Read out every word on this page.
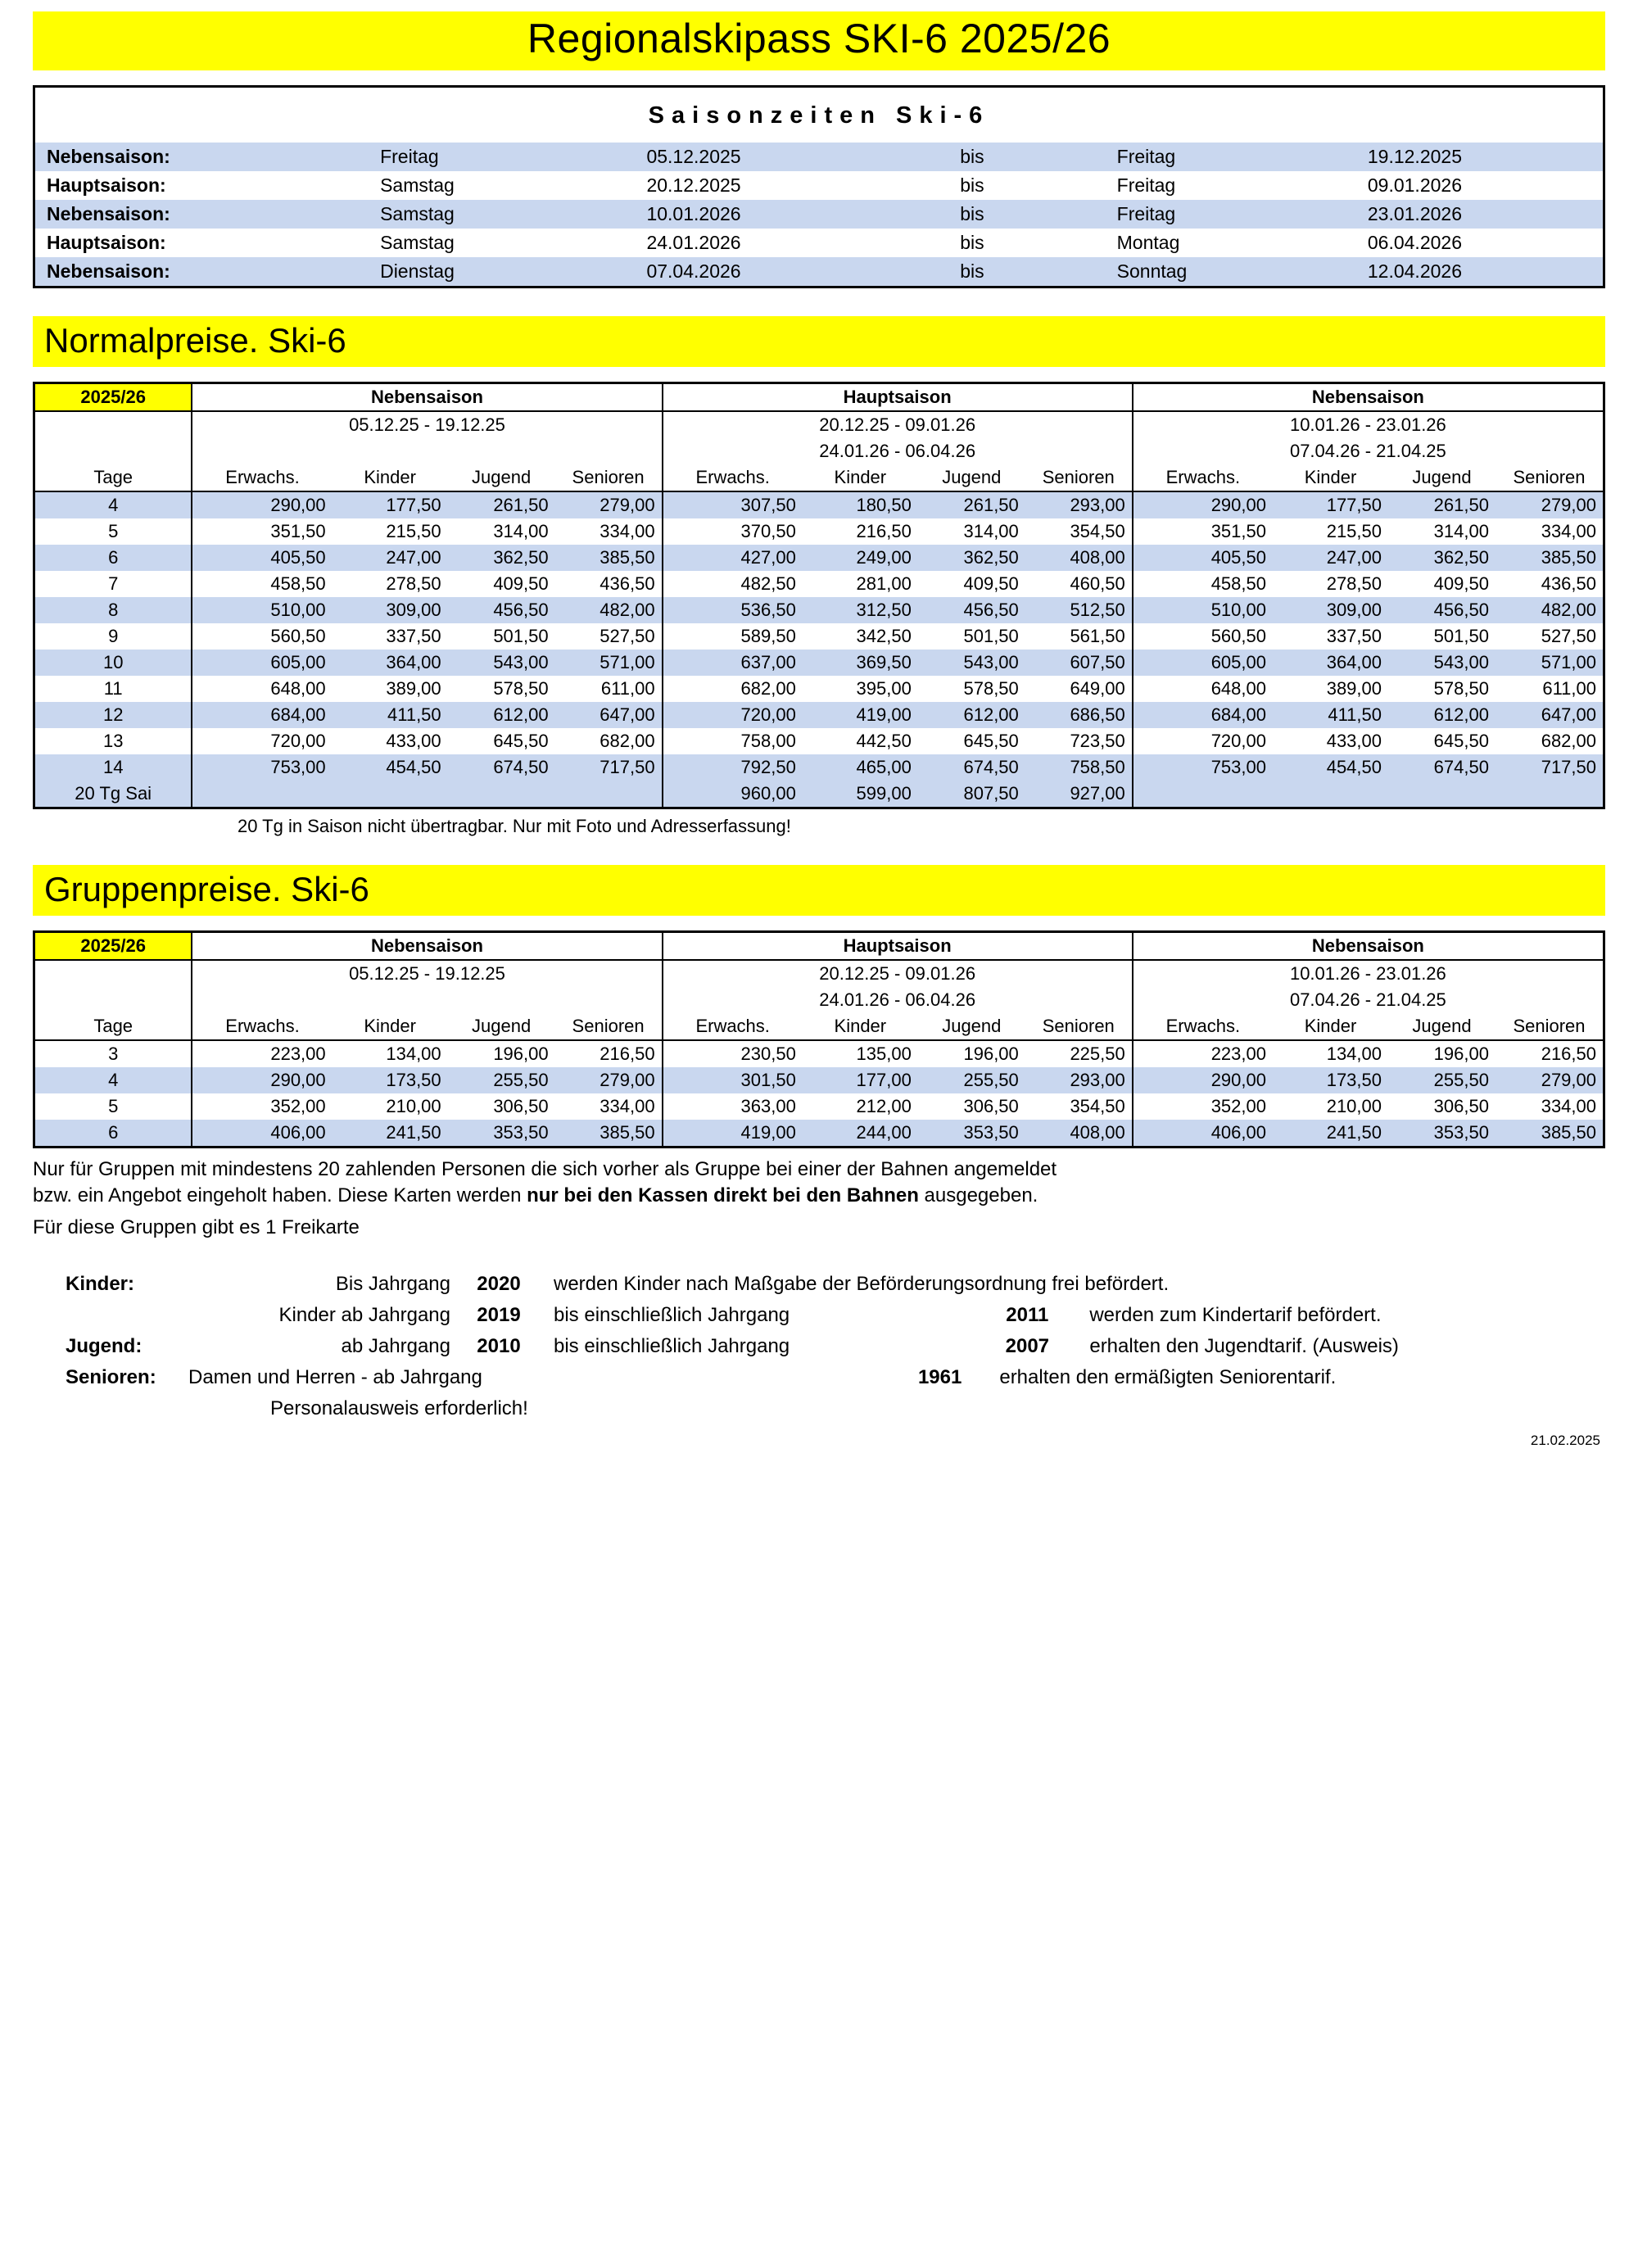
Regionalskipass SKI-6 2025/26
Saisonzeiten Ski-6
Nebensaison:	Freitag	05.12.2025	bis	Freitag	19.12.2025
Hauptsaison:	Samstag	20.12.2025	bis	Freitag	09.01.2026
Nebensaison:	Samstag	10.01.2026	bis	Freitag	23.01.2026
Hauptsaison:	Samstag	24.01.2026	bis	Montag	06.04.2026
Nebensaison:	Dienstag	07.04.2026	bis	Sonntag	12.04.2026
Normalpreise. Ski-6
2025/26	Nebensaison				Hauptsaison				Nebensaison			
	05.12.25 - 19.12.25				20.12.25 - 09.01.26				10.01.26 - 23.01.26			
					24.01.26 - 06.04.26				07.04.26 - 21.04.25			
Tage	Erwachs.	Kinder	Jugend	Senioren	Erwachs.	Kinder	Jugend	Senioren	Erwachs.	Kinder	Jugend	Senioren
4	290,00	177,50	261,50	279,00	307,50	180,50	261,50	293,00	290,00	177,50	261,50	279,00
5	351,50	215,50	314,00	334,00	370,50	216,50	314,00	354,50	351,50	215,50	314,00	334,00
6	405,50	247,00	362,50	385,50	427,00	249,00	362,50	408,00	405,50	247,00	362,50	385,50
7	458,50	278,50	409,50	436,50	482,50	281,00	409,50	460,50	458,50	278,50	409,50	436,50
8	510,00	309,00	456,50	482,00	536,50	312,50	456,50	512,50	510,00	309,00	456,50	482,00
9	560,50	337,50	501,50	527,50	589,50	342,50	501,50	561,50	560,50	337,50	501,50	527,50
10	605,00	364,00	543,00	571,00	637,00	369,50	543,00	607,50	605,00	364,00	543,00	571,00
11	648,00	389,00	578,50	611,00	682,00	395,00	578,50	649,00	648,00	389,00	578,50	611,00
12	684,00	411,50	612,00	647,00	720,00	419,00	612,00	686,50	684,00	411,50	612,00	647,00
13	720,00	433,00	645,50	682,00	758,00	442,50	645,50	723,50	720,00	433,00	645,50	682,00
14	753,00	454,50	674,50	717,50	792,50	465,00	674,50	758,50	753,00	454,50	674,50	717,50
20 Tg Sai					960,00	599,00	807,50	927,00				
20 Tg in Saison nicht übertragbar. Nur mit Foto und Adresserfassung!
Gruppenpreise. Ski-6
2025/26	Nebensaison				Hauptsaison				Nebensaison			
	05.12.25 - 19.12.25				20.12.25 - 09.01.26				10.01.26 - 23.01.26			
					24.01.26 - 06.04.26				07.04.26 - 21.04.25			
Tage	Erwachs.	Kinder	Jugend	Senioren	Erwachs.	Kinder	Jugend	Senioren	Erwachs.	Kinder	Jugend	Senioren
3	223,00	134,00	196,00	216,50	230,50	135,00	196,00	225,50	223,00	134,00	196,00	216,50
4	290,00	173,50	255,50	279,00	301,50	177,00	255,50	293,00	290,00	173,50	255,50	279,00
5	352,00	210,00	306,50	334,00	363,00	212,00	306,50	354,50	352,00	210,00	306,50	334,00
6	406,00	241,50	353,50	385,50	419,00	244,00	353,50	408,00	406,00	241,50	353,50	385,50
Nur für Gruppen mit mindestens 20 zahlenden Personen die sich vorher als Gruppe bei einer der Bahnen angemeldet
bzw. ein Angebot eingeholt haben. Diese Karten werden nur bei den Kassen direkt bei den Bahnen ausgegeben.
Für diese Gruppen gibt es 1 Freikarte
Kinder:	Bis Jahrgang	2020	werden Kinder nach Maßgabe der Beförderungsordnung frei befördert.		
	Kinder ab Jahrgang	2019	bis einschließlich Jahrgang	2011	werden zum Kindertarif befördert.
Jugend:	ab Jahrgang	2010	bis einschließlich Jahrgang	2007	erhalten den Jugendtarif. (Ausweis)
Senioren:	Damen und Herren - ab Jahrgang		1961	erhalten den ermäßigten Seniorentarif.	
	Personalausweis erforderlich!				
21.02.2025
